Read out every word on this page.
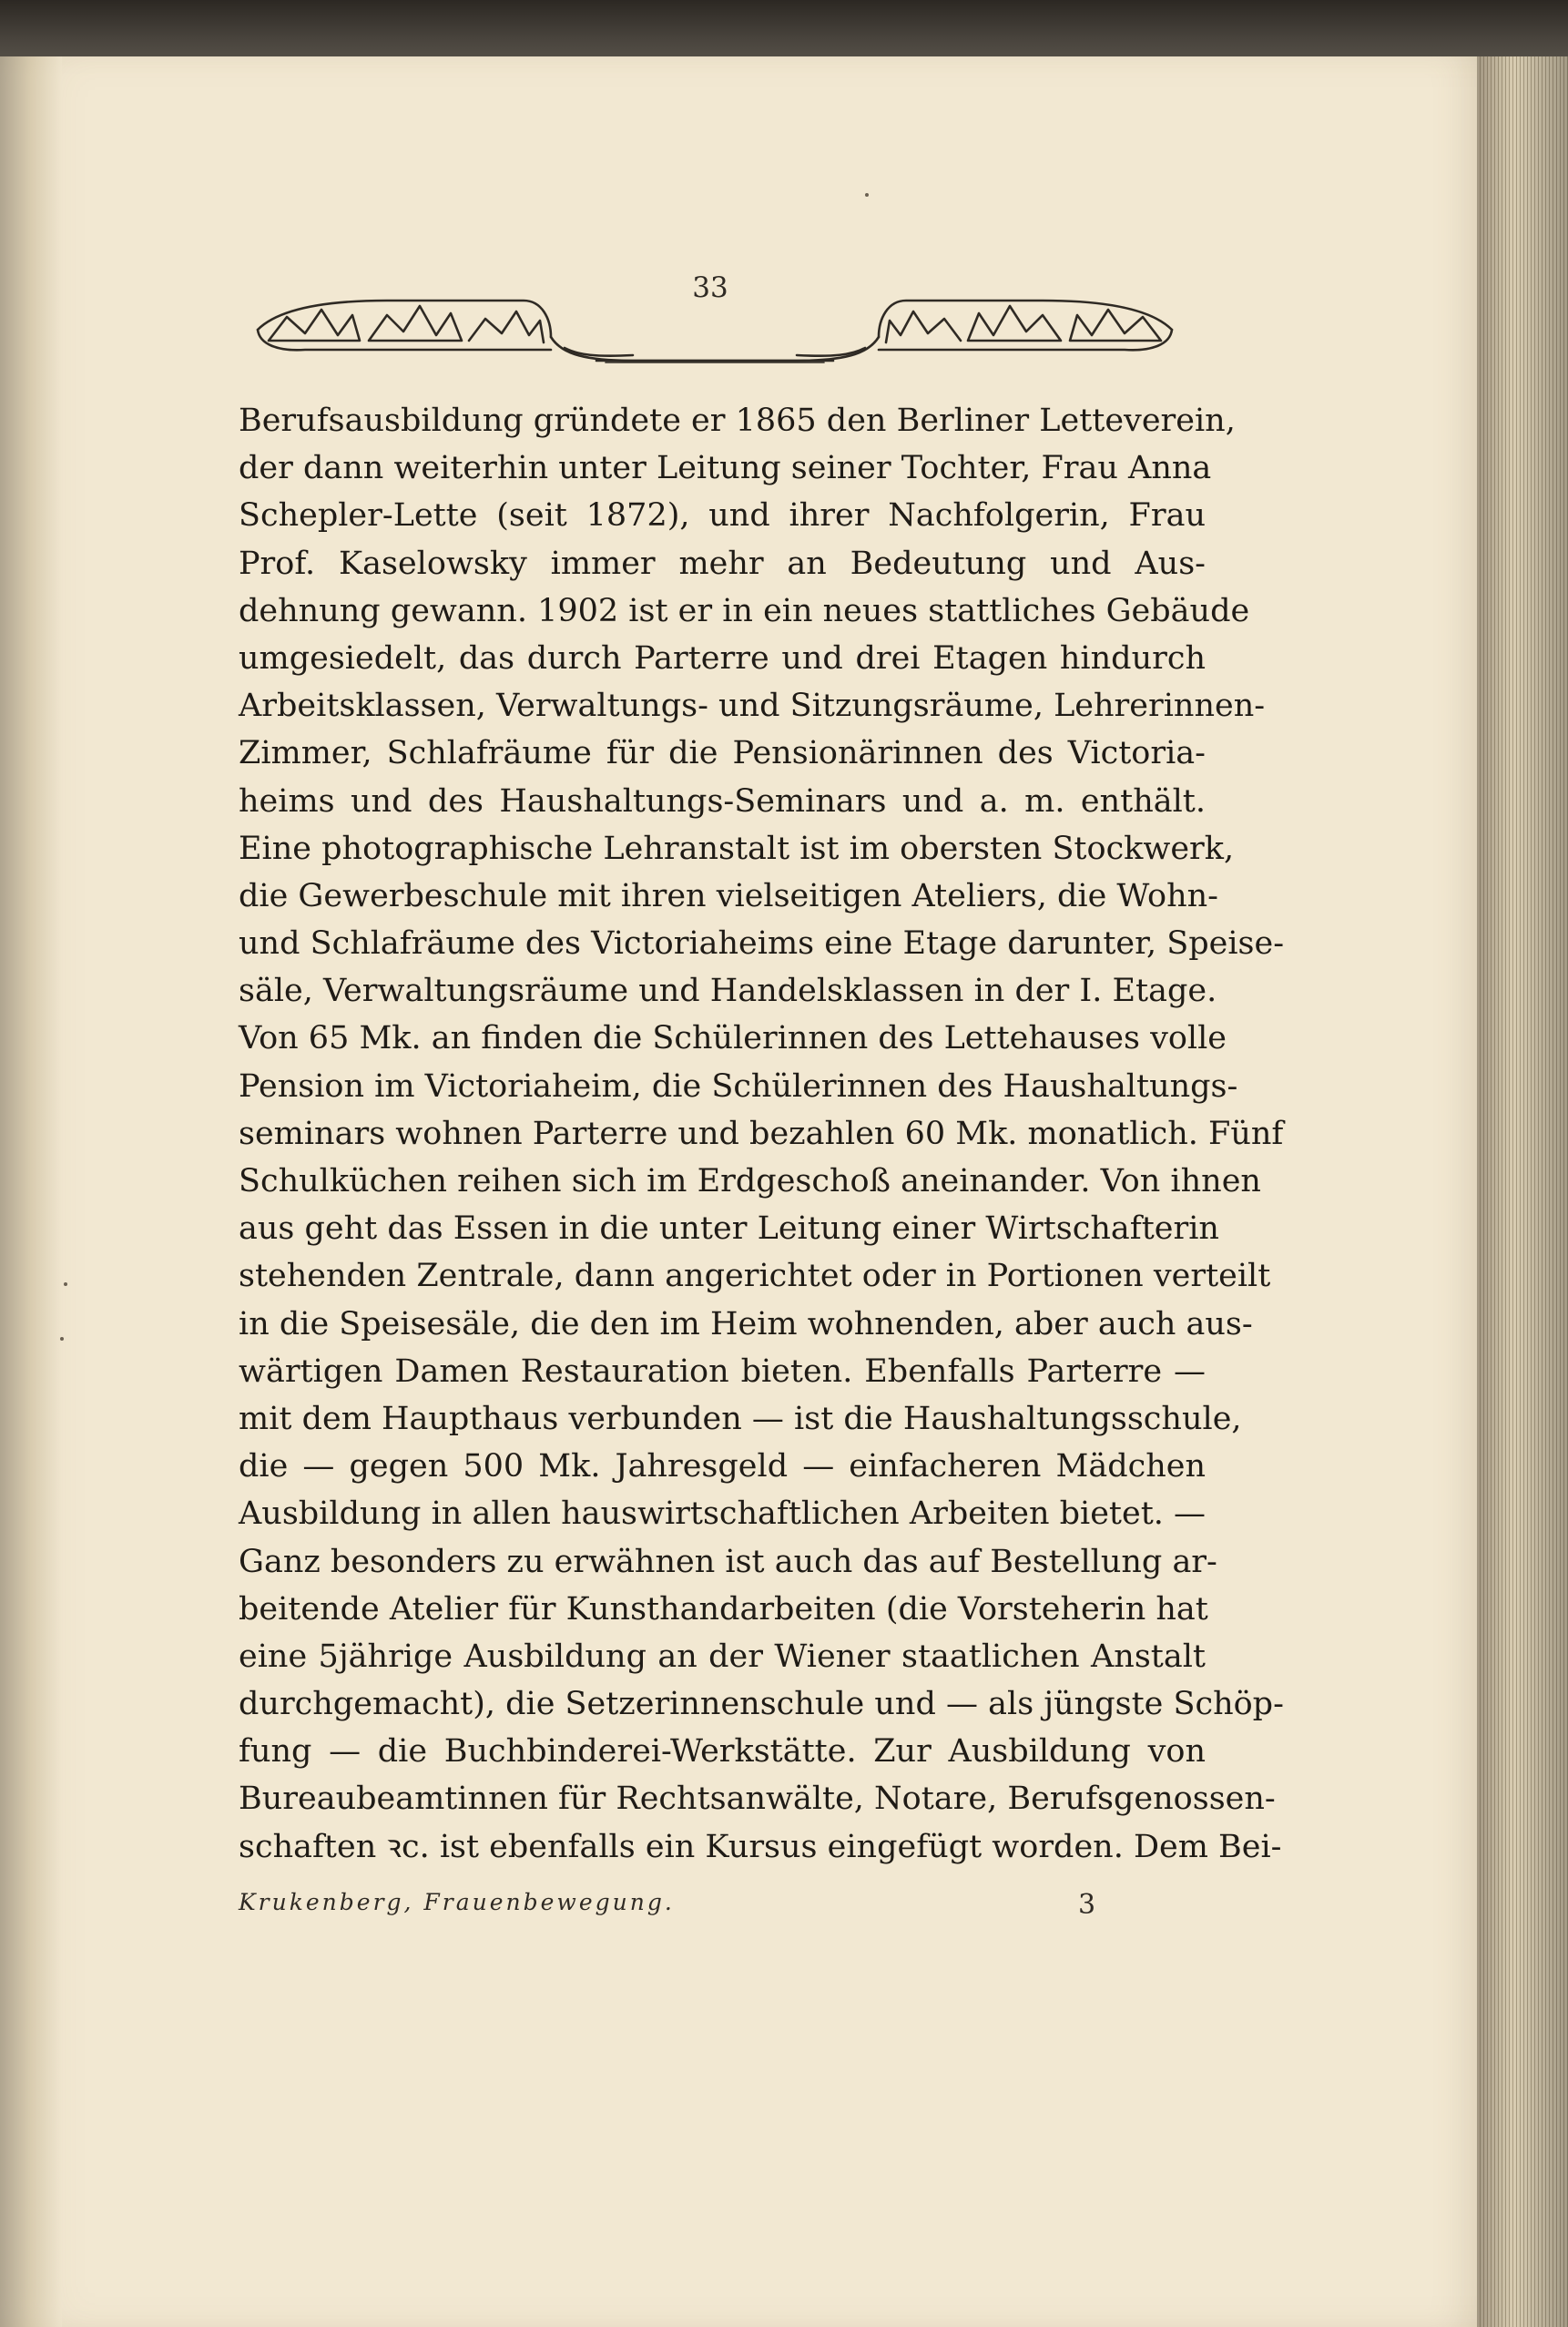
33
Berufsausbildung gründete er 1865 den Berliner Letteverein,
der dann weiterhin unter Leitung seiner Tochter, Frau Anna
Schepler-Lette (seit 1872), und ihrer Nachfolgerin, Frau
Prof. Kaselowsky immer mehr an Bedeutung und Aus-
dehnung gewann. 1902 ist er in ein neues stattliches Gebäude
umgesiedelt, das durch Parterre und drei Etagen hindurch
Arbeitsklassen, Verwaltungs- und Sitzungsräume, Lehrerinnen-
Zimmer, Schlafräume für die Pensionärinnen des Victoria-
heims und des Haushaltungs-Seminars und a. m. enthält.
Eine photographische Lehranstalt ist im obersten Stockwerk,
die Gewerbeschule mit ihren vielseitigen Ateliers, die Wohn-
und Schlafräume des Victoriaheims eine Etage darunter, Speise-
säle, Verwaltungsräume und Handelsklassen in der I. Etage.
Von 65 Mk. an finden die Schülerinnen des Lettehauses volle
Pension im Victoriaheim, die Schülerinnen des Haushaltungs-
seminars wohnen Parterre und bezahlen 60 Mk. monatlich. Fünf
Schulküchen reihen sich im Erdgeschoß aneinander. Von ihnen
aus geht das Essen in die unter Leitung einer Wirtschafterin
stehenden Zentrale, dann angerichtet oder in Portionen verteilt
in die Speisesäle, die den im Heim wohnenden, aber auch aus-
wärtigen Damen Restauration bieten. Ebenfalls Parterre —
mit dem Haupthaus verbunden — ist die Haushaltungsschule,
die — gegen 500 Mk. Jahresgeld — einfacheren Mädchen
Ausbildung in allen hauswirtschaftlichen Arbeiten bietet. —
Ganz besonders zu erwähnen ist auch das auf Bestellung ar-
beitende Atelier für Kunsthandarbeiten (die Vorsteherin hat
eine 5jährige Ausbildung an der Wiener staatlichen Anstalt
durchgemacht), die Setzerinnenschule und — als jüngste Schöp-
fung — die Buchbinderei-Werkstätte. Zur Ausbildung von
Bureaubeamtinnen für Rechtsanwälte, Notare, Berufsgenossen-
schaften ꝛc. ist ebenfalls ein Kursus eingefügt worden. Dem Bei-
Krukenberg, Frauenbewegung.	3
